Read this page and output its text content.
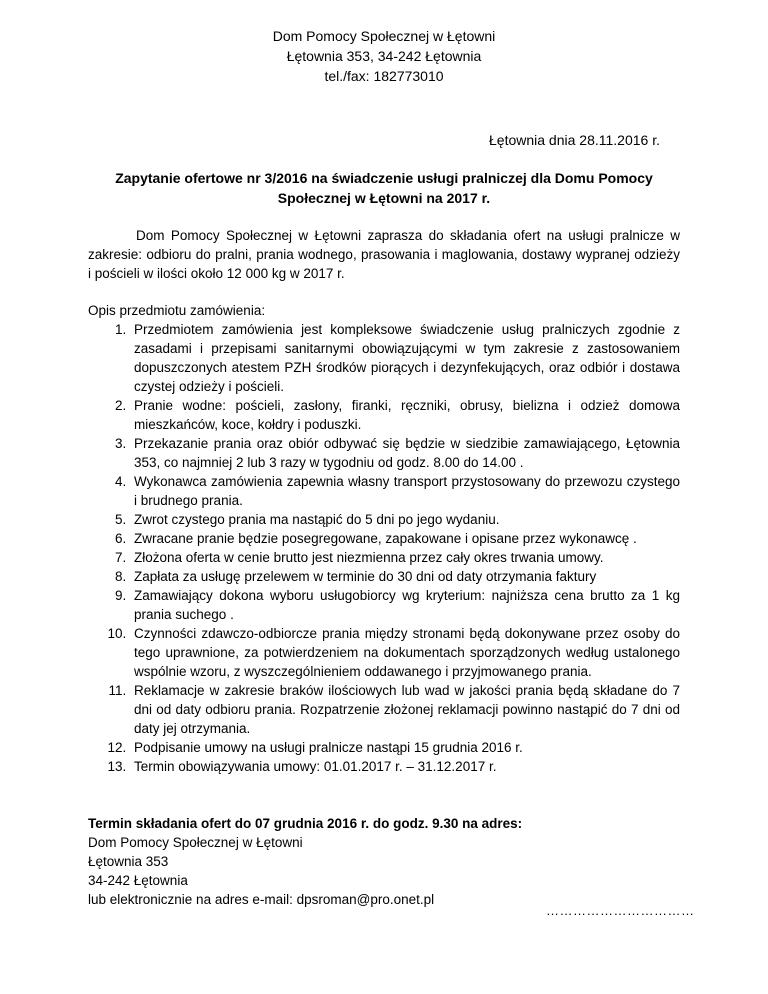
Dom Pomocy Społecznej w Łętowni
Łętownia 353, 34-242 Łętownia
tel./fax: 182773010
Łętownia dnia 28.11.2016 r.
Zapytanie ofertowe nr 3/2016 na świadczenie usługi pralniczej dla Domu Pomocy Społecznej w Łętowni na 2017 r.
Dom Pomocy Społecznej w Łętowni zaprasza do składania ofert na usługi pralnicze w zakresie: odbioru do pralni, prania wodnego, prasowania i maglowania, dostawy wypranej odzieży i pościeli w ilości około 12 000 kg w 2017 r.
Opis przedmiotu zamówienia:
1. Przedmiotem zamówienia jest kompleksowe świadczenie usług pralniczych zgodnie z zasadami i przepisami sanitarnymi obowiązującymi w tym zakresie z zastosowaniem dopuszczonych atestem PZH środków piorących i dezynfekujących, oraz odbiór i dostawa czystej odzieży i pościeli.
2. Pranie wodne: pościeli, zasłony, firanki, ręczniki, obrusy, bielizna i odzież domowa mieszkańców, koce, kołdry i poduszki.
3. Przekazanie prania oraz obiór odbywać się będzie w siedzibie zamawiającego, Łętownia 353, co najmniej 2 lub 3 razy w tygodniu od godz. 8.00 do 14.00 .
4. Wykonawca zamówienia zapewnia własny transport przystosowany do przewozu czystego i brudnego prania.
5. Zwrot czystego prania ma nastąpić do 5 dni po jego wydaniu.
6. Zwracane pranie będzie posegregowane, zapakowane i opisane przez wykonawcę .
7. Złożona oferta w cenie brutto jest niezmienna przez cały okres trwania umowy.
8. Zapłata za usługę przelewem w terminie do 30 dni od daty otrzymania faktury
9. Zamawiający dokona wyboru usługobiorcy wg kryterium: najniższa cena brutto za 1 kg prania suchego .
10. Czynności zdawczo-odbiorcze prania między stronami będą dokonywane przez osoby do tego uprawnione, za potwierdzeniem na dokumentach sporządzonych według ustalonego wspólnie wzoru, z wyszczególnieniem oddawanego i przyjmowanego prania.
11. Reklamacje w zakresie braków ilościowych lub wad w jakości prania będą składane do 7 dni od daty odbioru prania. Rozpatrzenie złożonej reklamacji powinno nastąpić do 7 dni od daty jej otrzymania.
12. Podpisanie umowy na usługi pralnicze nastąpi 15 grudnia 2016 r.
13. Termin obowiązywania umowy: 01.01.2017 r. – 31.12.2017 r.
Termin składania ofert do 07 grudnia 2016 r. do godz. 9.30 na adres:
Dom Pomocy Społecznej w Łętowni
Łętownia 353
34-242 Łętownia
lub elektronicznie na adres e-mail: dpsroman@pro.onet.pl
……………………………
